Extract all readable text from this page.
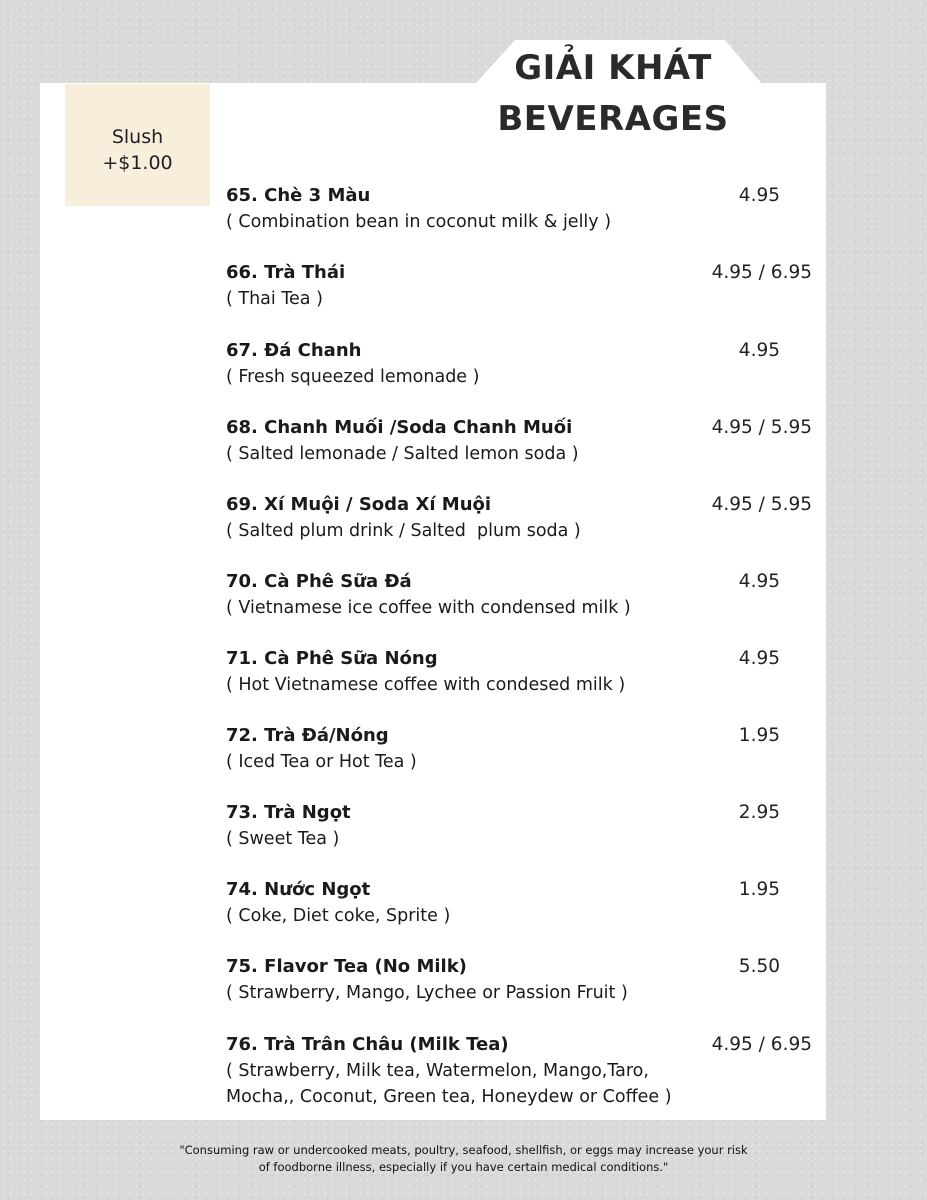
GIẢI KHÁT
BEVERAGES
Slush
+$1.00
65. Chè 3 Màu
( Combination bean in coconut milk & jelly )
4.95
66. Trà Thái
( Thai Tea )
4.95 / 6.95
67. Đá Chanh
( Fresh squeezed lemonade )
4.95
68. Chanh Muối /Soda Chanh Muối
( Salted lemonade / Salted lemon soda )
4.95 / 5.95
69. Xí Muội / Soda Xí Muội
( Salted plum drink / Salted  plum soda )
4.95 / 5.95
70. Cà Phê Sữa Đá
( Vietnamese ice coffee with condensed milk )
4.95
71. Cà Phê Sữa Nóng
( Hot Vietnamese coffee with condesed milk )
4.95
72. Trà Đá/Nóng
( Iced Tea or Hot Tea )
1.95
73. Trà Ngọt
( Sweet Tea )
2.95
74. Nước Ngọt
( Coke, Diet coke, Sprite )
1.95
75. Flavor Tea (No Milk)
( Strawberry, Mango, Lychee or Passion Fruit )
5.50
76. Trà Trân Châu (Milk Tea)
( Strawberry, Milk tea, Watermelon, Mango,Taro,
Mocha,, Coconut, Green tea, Honeydew or Coffee )
4.95 / 6.95
"Consuming raw or undercooked meats, poultry, seafood, shellfish, or eggs may increase your risk
of foodborne illness, especially if you have certain medical conditions."
